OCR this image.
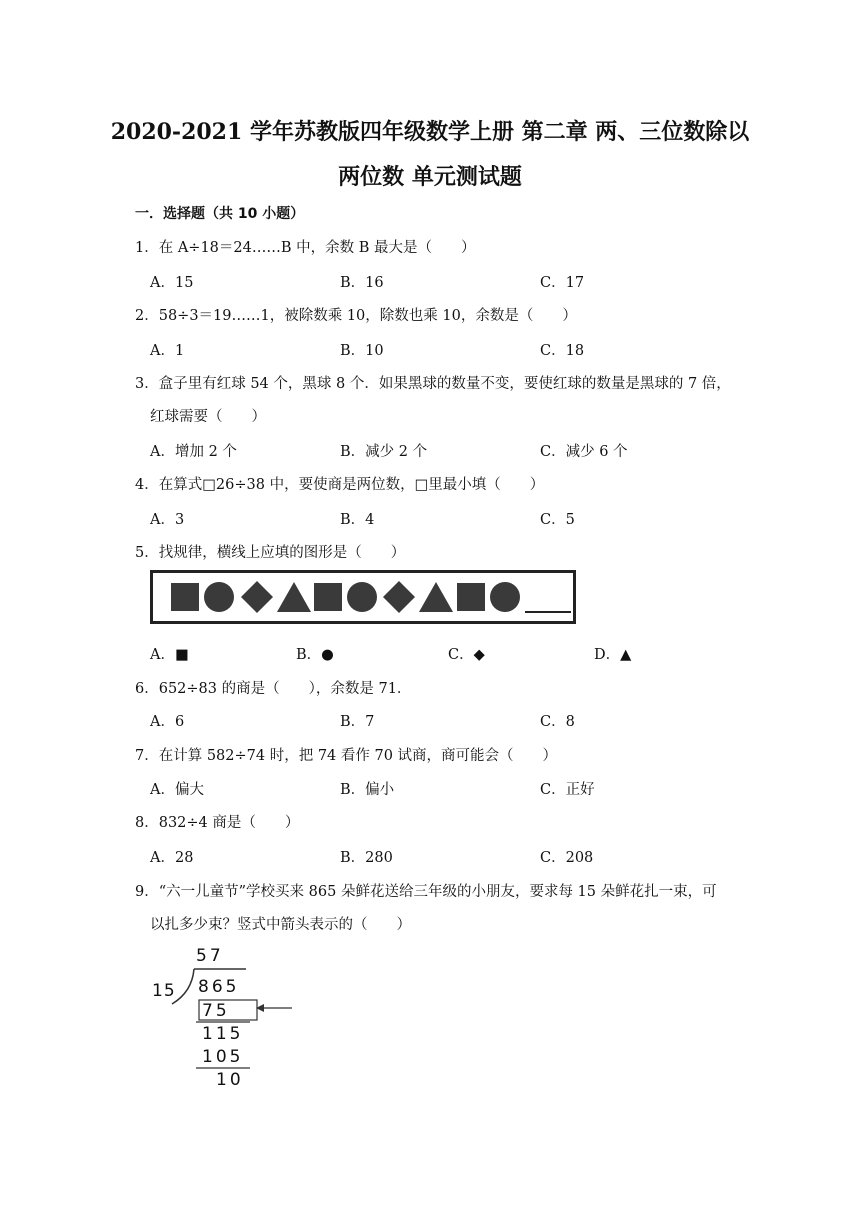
2020-2021 学年苏教版四年级数学上册 第二章 两、三位数除以
两位数 单元测试题
一．选择题（共 10 小题）
1．在 A÷18＝24……B 中，余数 B 最大是（　　）
A．15	B．16	C．17
2．58÷3＝19……1，被除数乘 10，除数也乘 10，余数是（　　）
A．1	B．10	C．18
3．盒子里有红球 54 个，黑球 8 个．如果黑球的数量不变，要使红球的数量是黑球的 7 倍，
红球需要（　　）
A．增加 2 个	B．减少 2 个	C．减少 6 个
4．在算式□26÷38 中，要使商是两位数，□里最小填（　　）
A．3	B．4	C．5
5．找规律，横线上应填的图形是（　　）
A．■	B．●	C．◆	D．▲
6．652÷83 的商是（　　），余数是 71．
A．6	B．7	C．8
7．在计算 582÷74 时，把 74 看作 70 试商，商可能会（　　）
A．偏大	B．偏小	C．正好
8．832÷4 商是（　　）
A．28	B．280	C．208
9．“六一儿童节”学校买来 865 朵鲜花送给三年级的小朋友，要求每 15 朵鲜花扎一束，可
以扎多少束？竖式中箭头表示的（　　）
57
15 865
75
115
105
10
